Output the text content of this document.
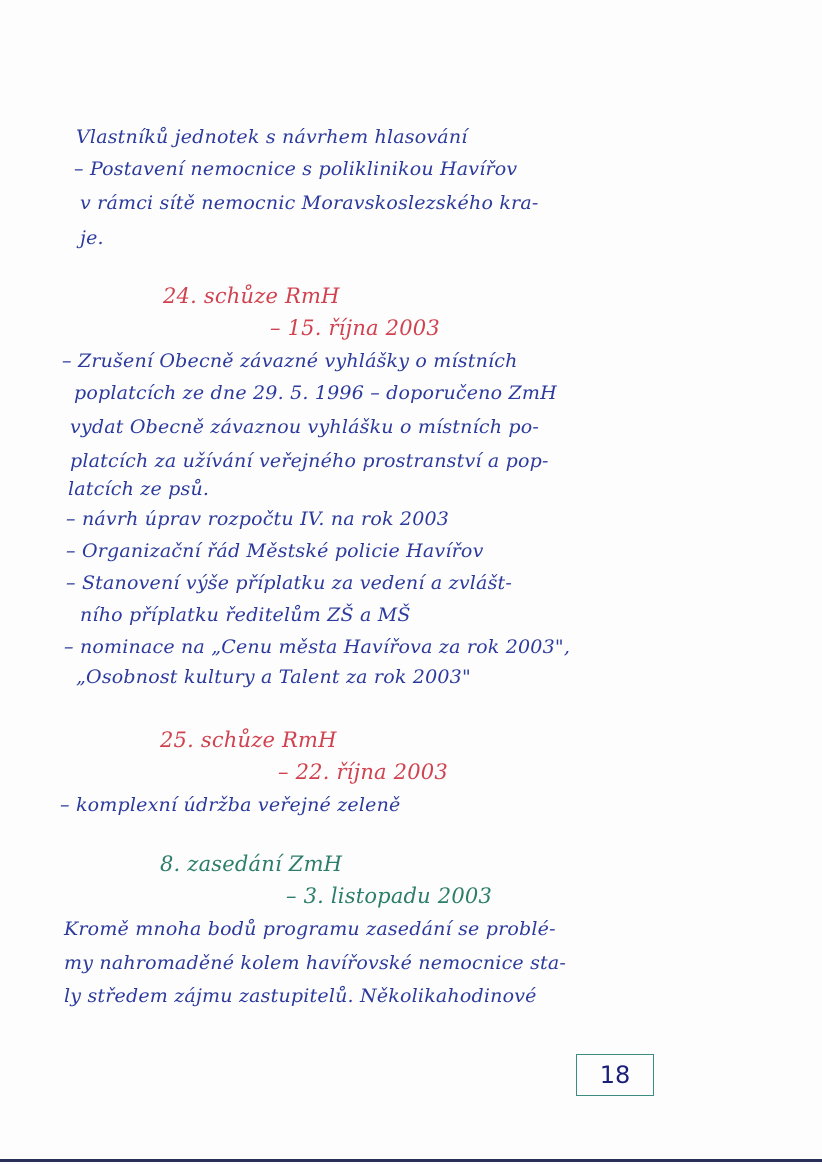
Vlastníků jednotek s návrhem hlasování
– Postavení nemocnice s poliklinikou Havířov
v rámci sítě nemocnic Moravskoslezského kra-
je.
24. schůze RmH
– 15. října 2003
– Zrušení Obecně závazné vyhlášky o místních
poplatcích ze dne 29. 5. 1996 – doporučeno ZmH
vydat Obecně závaznou vyhlášku o místních po-
platcích za užívání veřejného prostranství a pop-
latcích ze psů.
– návrh úprav rozpočtu IV. na rok 2003
– Organizační řád Městské policie Havířov
– Stanovení výše příplatku za vedení a zvlášt-
ního příplatku ředitelům ZŠ a MŠ
– nominace na „Cenu města Havířova za rok 2003",
„Osobnost kultury a Talent za rok 2003"
25. schůze RmH
– 22. října 2003
– komplexní údržba veřejné zeleně
8. zasedání ZmH
– 3. listopadu 2003
Kromě mnoha bodů programu zasedání se problé-
my nahromaděné kolem havířovské nemocnice sta-
ly středem zájmu zastupitelů. Několikahodinové
18
